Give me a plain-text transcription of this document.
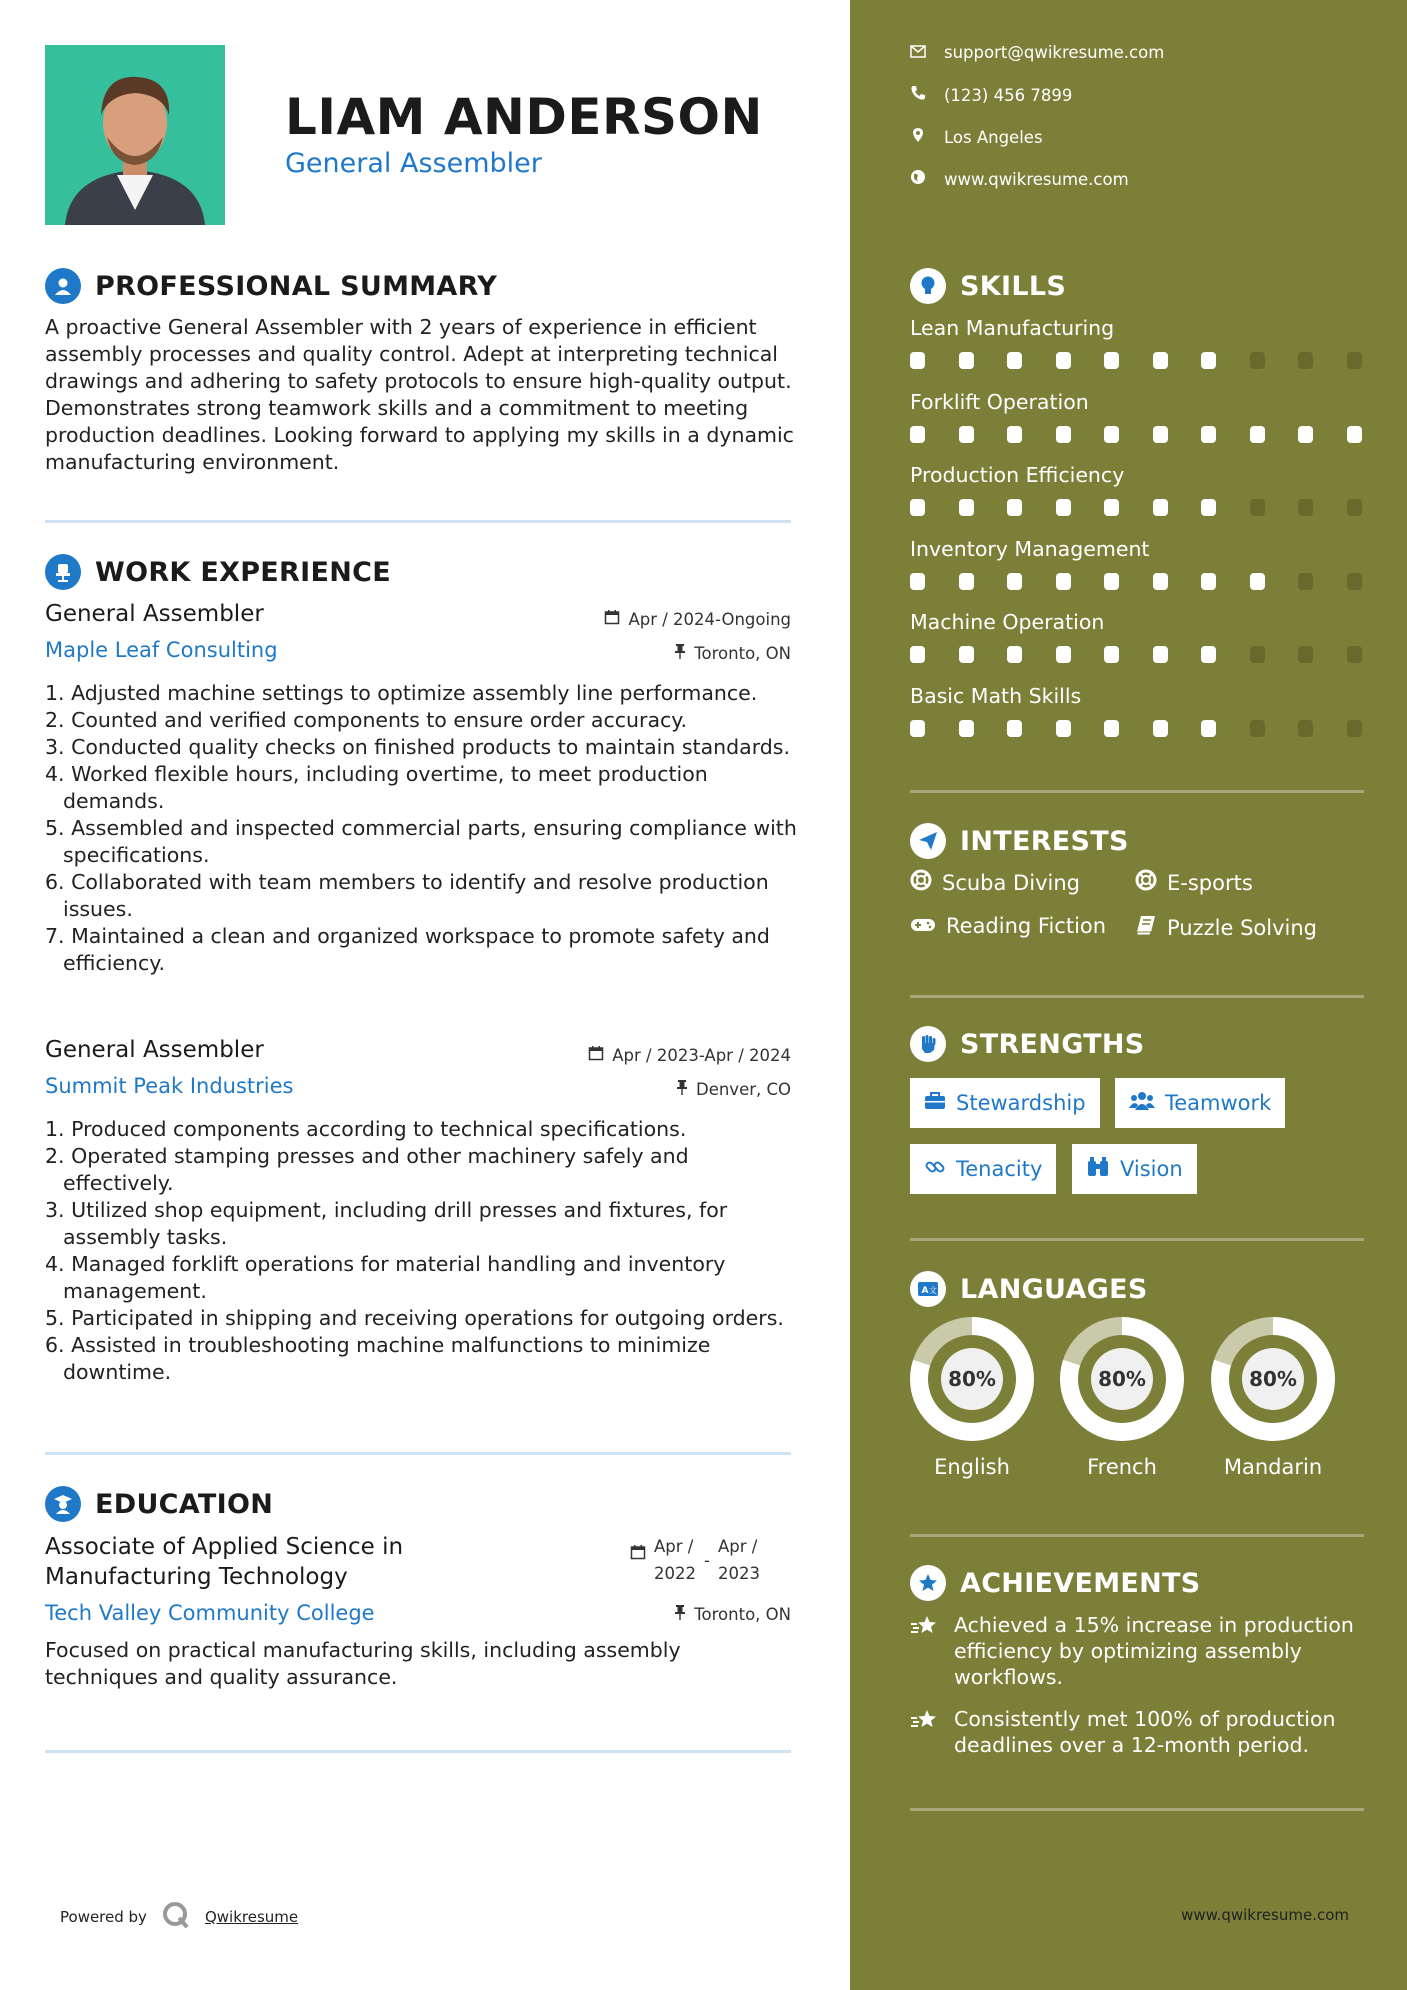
LIAM ANDERSON
General Assembler
PROFESSIONAL SUMMARY
A proactive General Assembler with 2 years of experience in efficient assembly processes and quality control. Adept at interpreting technical drawings and adhering to safety protocols to ensure high-quality output. Demonstrates strong teamwork skills and a commitment to meeting production deadlines. Looking forward to applying my skills in a dynamic manufacturing environment.
WORK EXPERIENCE
General Assembler	Apr / 2024-Ongoing
Maple Leaf Consulting	Toronto, ON
1. Adjusted machine settings to optimize assembly line performance.
2. Counted and verified components to ensure order accuracy.
3. Conducted quality checks on finished products to maintain standards.
4. Worked flexible hours, including overtime, to meet production demands.
5. Assembled and inspected commercial parts, ensuring compliance with specifications.
6. Collaborated with team members to identify and resolve production issues.
7. Maintained a clean and organized workspace to promote safety and efficiency.
General Assembler	Apr / 2023-Apr / 2024
Summit Peak Industries	Denver, CO
1. Produced components according to technical specifications.
2. Operated stamping presses and other machinery safely and effectively.
3. Utilized shop equipment, including drill presses and fixtures, for assembly tasks.
4. Managed forklift operations for material handling and inventory management.
5. Participated in shipping and receiving operations for outgoing orders.
6. Assisted in troubleshooting machine malfunctions to minimize downtime.
EDUCATION
Associate of Applied Science in
Manufacturing Technology
Apr /
2022
-
Apr /
2023
Tech Valley Community College	Toronto, ON
Focused on practical manufacturing skills, including assembly techniques and quality assurance.
Powered by	Qwikresume
support@qwikresume.com
(123) 456 7899
Los Angeles
www.qwikresume.com
SKILLS
Lean Manufacturing
Forklift Operation
Production Efficiency
Inventory Management
Machine Operation
Basic Math Skills
INTERESTS
Scuba Diving	E-sports
Reading Fiction	Puzzle Solving
STRENGTHS
Stewardship	Teamwork
Tenacity	Vision
A 文 LANGUAGES
80%
English
80%
French
80%
Mandarin
ACHIEVEMENTS
Achieved a 15% increase in production efficiency by optimizing assembly workflows.
Consistently met 100% of production deadlines over a 12-month period.
www.qwikresume.com
